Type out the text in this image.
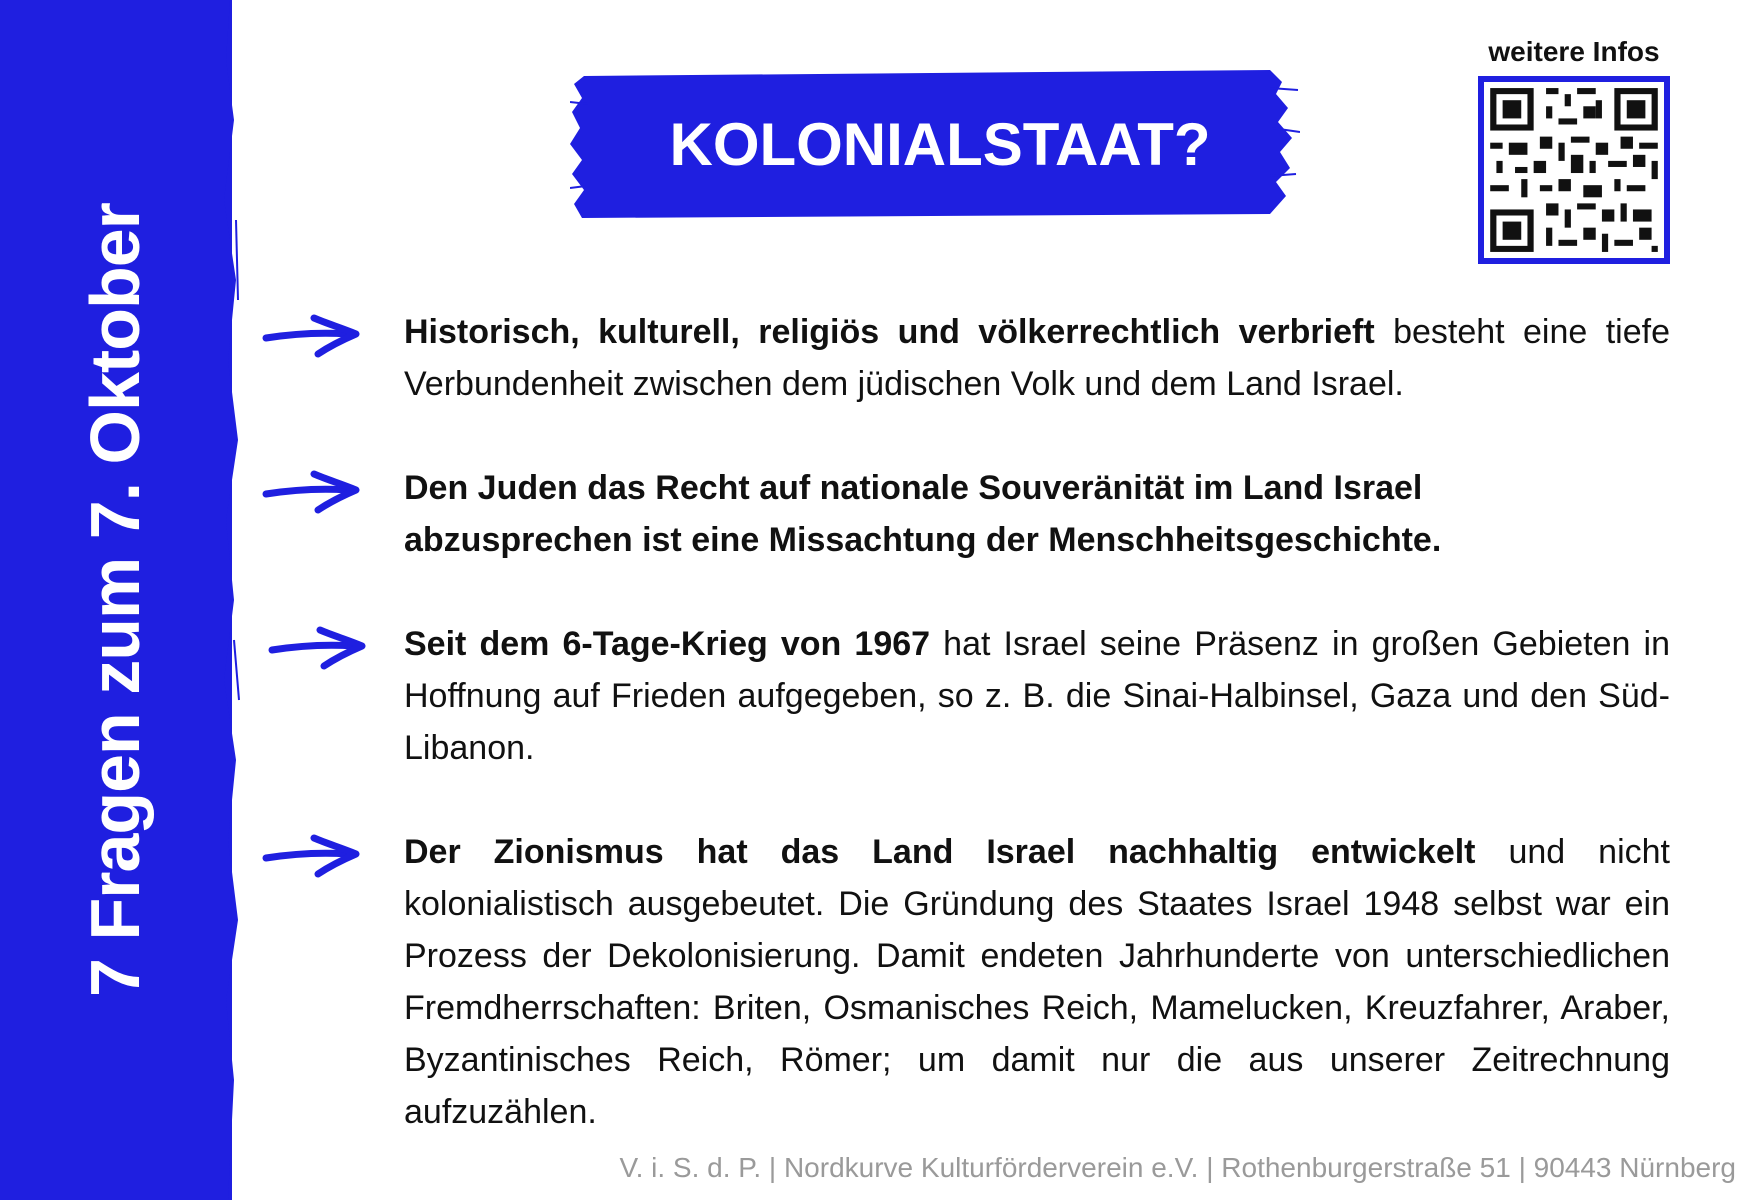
7 Fragen zum 7. Oktober
KOLONIALSTAAT?
weitere Infos
Historisch, kulturell, religiös und völkerrechtlich verbrieft besteht eine tiefe Verbundenheit zwischen dem jüdischen Volk und dem Land Israel.
Den Juden das Recht auf nationale Souveränität im Land Israel abzusprechen ist eine Missachtung der Menschheitsgeschichte.
Seit dem 6-Tage-Krieg von 1967 hat Israel seine Präsenz in großen Gebieten in Hoffnung auf Frieden aufgegeben, so z. B. die Sinai-Halbinsel, Gaza und den Süd-Libanon.
Der Zionismus hat das Land Israel nachhaltig entwickelt und nicht kolonialistisch ausgebeutet. Die Gründung des Staates Israel 1948 selbst war ein Prozess der Dekolonisierung. Damit endeten Jahrhunderte von unterschiedlichen Fremdherrschaften: Briten, Osmanisches Reich, Mamelucken, Kreuzfahrer, Araber, Byzantinisches Reich, Römer; um damit nur die aus unserer Zeitrechnung aufzuzählen.
V. i. S. d. P. | Nordkurve Kulturförderverein e.V. | Rothenburgerstraße 51 | 90443 Nürnberg
